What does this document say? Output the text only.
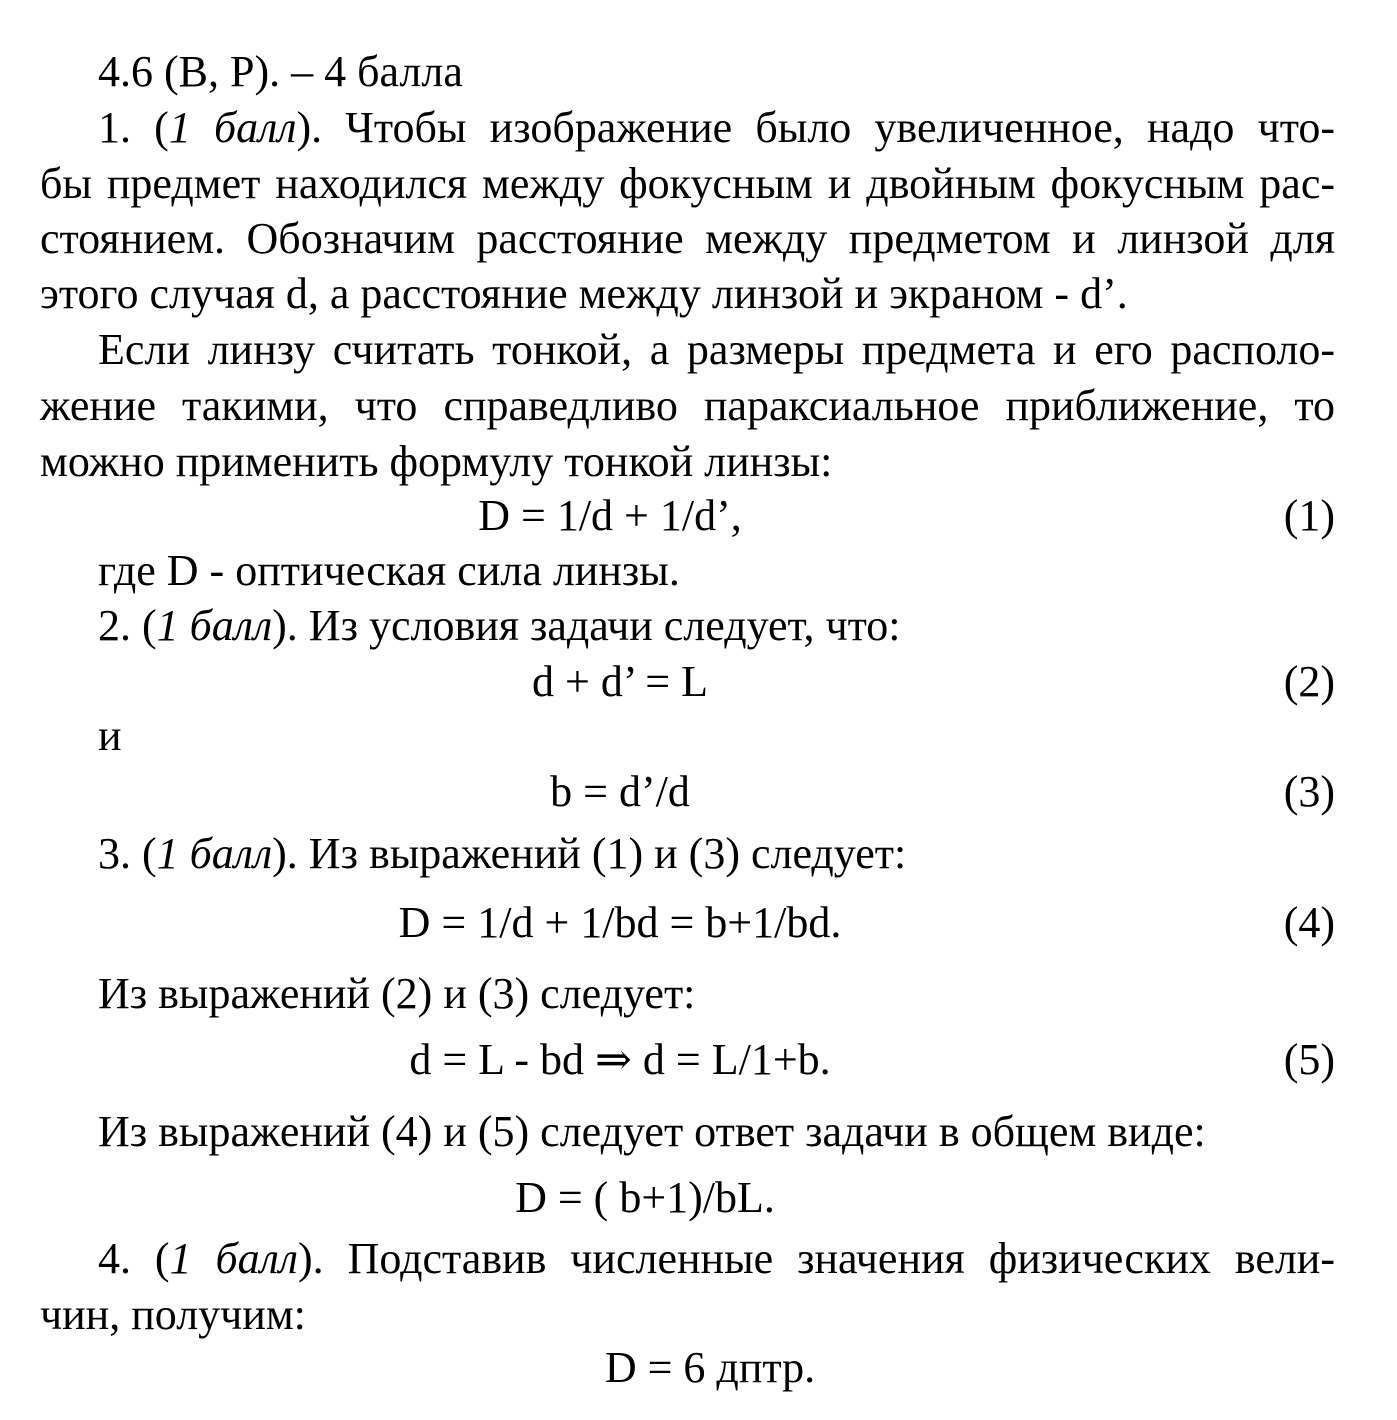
4.6 (В, Р). – 4 балла
1. (1 балл). Чтобы изображение было увеличенное, надо что-
бы предмет находился между фокусным и двойным фокусным рас-
стоянием. Обозначим расстояние между предметом и линзой для
этого случая d, а расстояние между линзой и экраном - d’.
Если линзу считать тонкой, а размеры предмета и его располо-
жение такими, что справедливо параксиальное приближение, то
можно применить формулу тонкой линзы:
D = 1/d + 1/d’,	(1)
где D - оптическая сила линзы.
2. (1 балл). Из условия задачи следует, что:
d + d’ = L	(2)
и
b = d’/d	(3)
3. (1 балл). Из выражений (1) и (3) следует:
D = 1/d + 1/bd = b+1/bd.	(4)
Из выражений (2) и (3) следует:
d = L - bd ⇒ d = L/1+b.	(5)
Из выражений (4) и (5) следует ответ задачи в общем виде:
D = ( b+1)/bL.
4. (1 балл). Подставив численные значения физических вели-
чин, получим:
D = 6 дптр.
